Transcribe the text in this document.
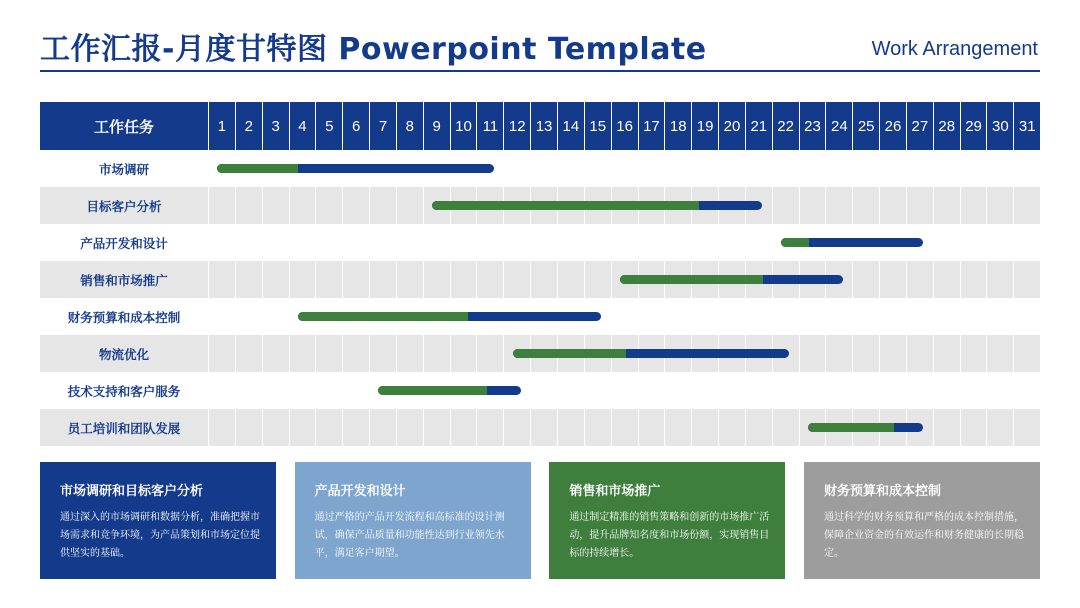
工作汇报-月度甘特图 Powerpoint Template	Work Arrangement
工作任务	1	2	3	4	5	6	7	8	9 10 11 12 13 14 15 16 17 18 19 20 21 22 23 24 25 26 27 28 29 30 31
市场调研
目标客户分析
产品开发和设计
销售和市场推广
财务预算和成本控制
物流优化
技术支持和客户服务
员工培训和团队发展
市场调研和目标客户分析

通过深入的市场调研和数据分析，准确把握市场需求和竞争环境，为产品策划和市场定位提供坚实的基础。

产品开发和设计

通过严格的产品开发流程和高标准的设计测试，确保产品质量和功能性达到行业领先水平，满足客户期望。

销售和市场推广

通过制定精准的销售策略和创新的市场推广活动，提升品牌知名度和市场份额，实现销售目标的持续增长。

财务预算和成本控制

通过科学的财务预算和严格的成本控制措施，保障企业资金的有效运作和财务健康的长期稳定。
